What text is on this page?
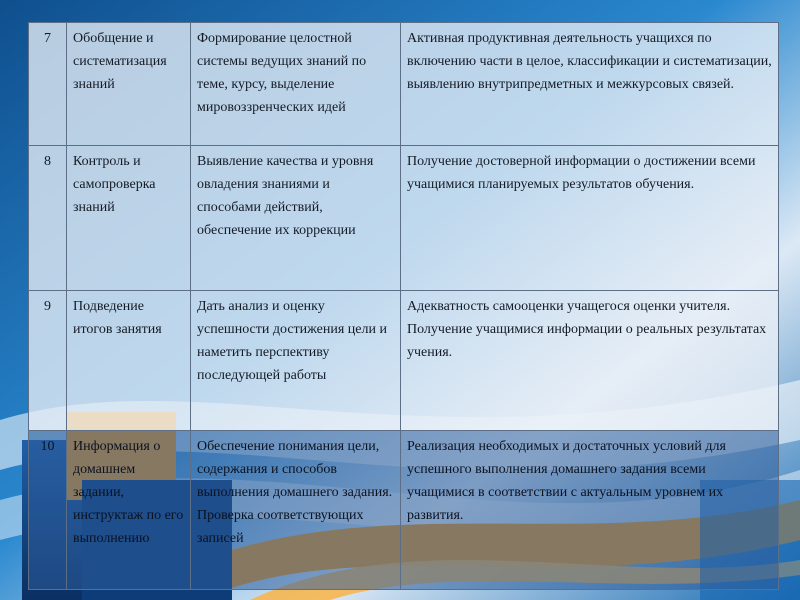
7	Обобщение и систематизация знаний	Формирование целостной системы ведущих знаний по теме, курсу, выделение мировоззренческих идей	Активная продуктивная деятельность учащихся по включению части в целое, классификации и систематизации, выявлению внутрипредметных и межкурсовых связей.
8	Контроль и самопроверка знаний	Выявление качества и уровня овладения знаниями и способами действий, обеспечение их коррекции	Получение достоверной информации о достижении всеми учащимися планируемых результатов обучения.
9	Подведение итогов занятия	Дать анализ и оценку успешности достижения цели и наметить перспективу последующей работы	Адекватность самооценки учащегося оценки учителя. Получение учащимися информации о реальных результатах учения.
10	Информация о домашнем задании, инструктаж по его выполнению	Обеспечение понимания цели, содержания и способов выполнения домашнего задания. Проверка соответствующих записей	Реализация необходимых и достаточных условий для успешного выполнения домашнего задания всеми учащимися в соответствии с актуальным уровнем их развития.
